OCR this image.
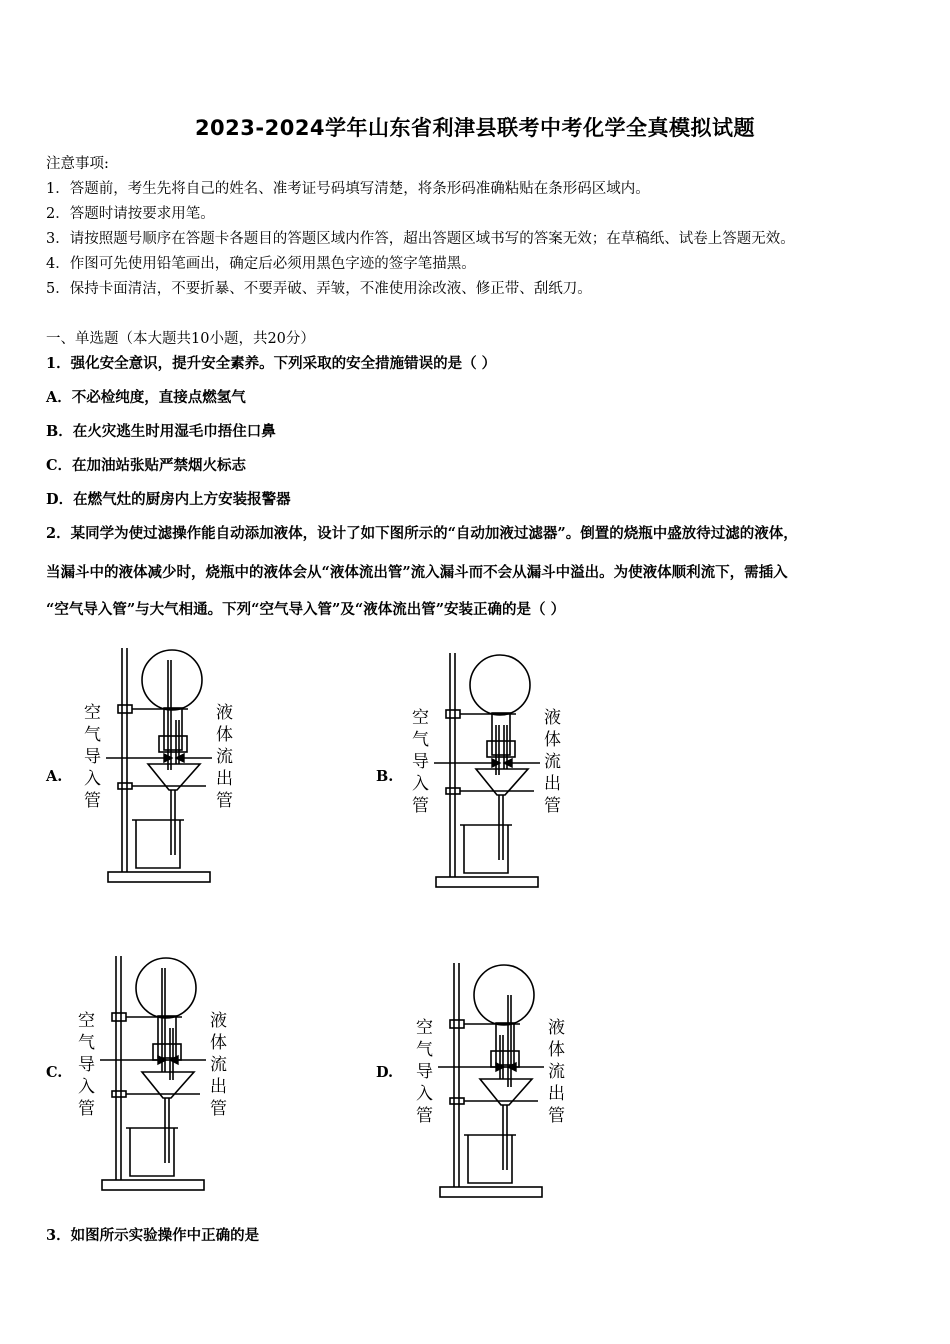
2023-2024学年山东省利津县联考中考化学全真模拟试题
注意事项:
1．答题前，考生先将自己的姓名、准考证号码填写清楚，将条形码准确粘贴在条形码区域内。
2．答题时请按要求用笔。
3．请按照题号顺序在答题卡各题目的答题区域内作答，超出答题区域书写的答案无效；在草稿纸、试卷上答题无效。
4．作图可先使用铅笔画出，确定后必须用黑色字迹的签字笔描黑。
5．保持卡面清洁，不要折暴、不要弄破、弄皱，不准使用涂改液、修正带、刮纸刀。
一、单选题（本大题共10小题，共20分）
1．强化安全意识，提升安全素养。下列采取的安全措施错误的是（ ）
A．不必检纯度，直接点燃氢气
B．在火灾逃生时用湿毛巾捂住口鼻
C．在加油站张贴严禁烟火标志
D．在燃气灶的厨房内上方安装报警器
2．某同学为使过滤操作能自动添加液体，设计了如下图所示的“自动加液过滤器”。倒置的烧瓶中盛放待过滤的液体，
当漏斗中的液体减少时，烧瓶中的液体会从“液体流出管”流入漏斗而不会从漏斗中溢出。为使液体顺利流下，需插入
“空气导入管”与大气相通。下列“空气导入管”及“液体流出管”安装正确的是（ ）
A.	B.
C.	D.
空
气
导
入
管
液
体
流
出
管
空
气
导
入
管
液
体
流
出
管
空
气
导
入
管
液
体
流
出
管
空
气
导
入
管
液
体
流
出
管
3．如图所示实验操作中正确的是
